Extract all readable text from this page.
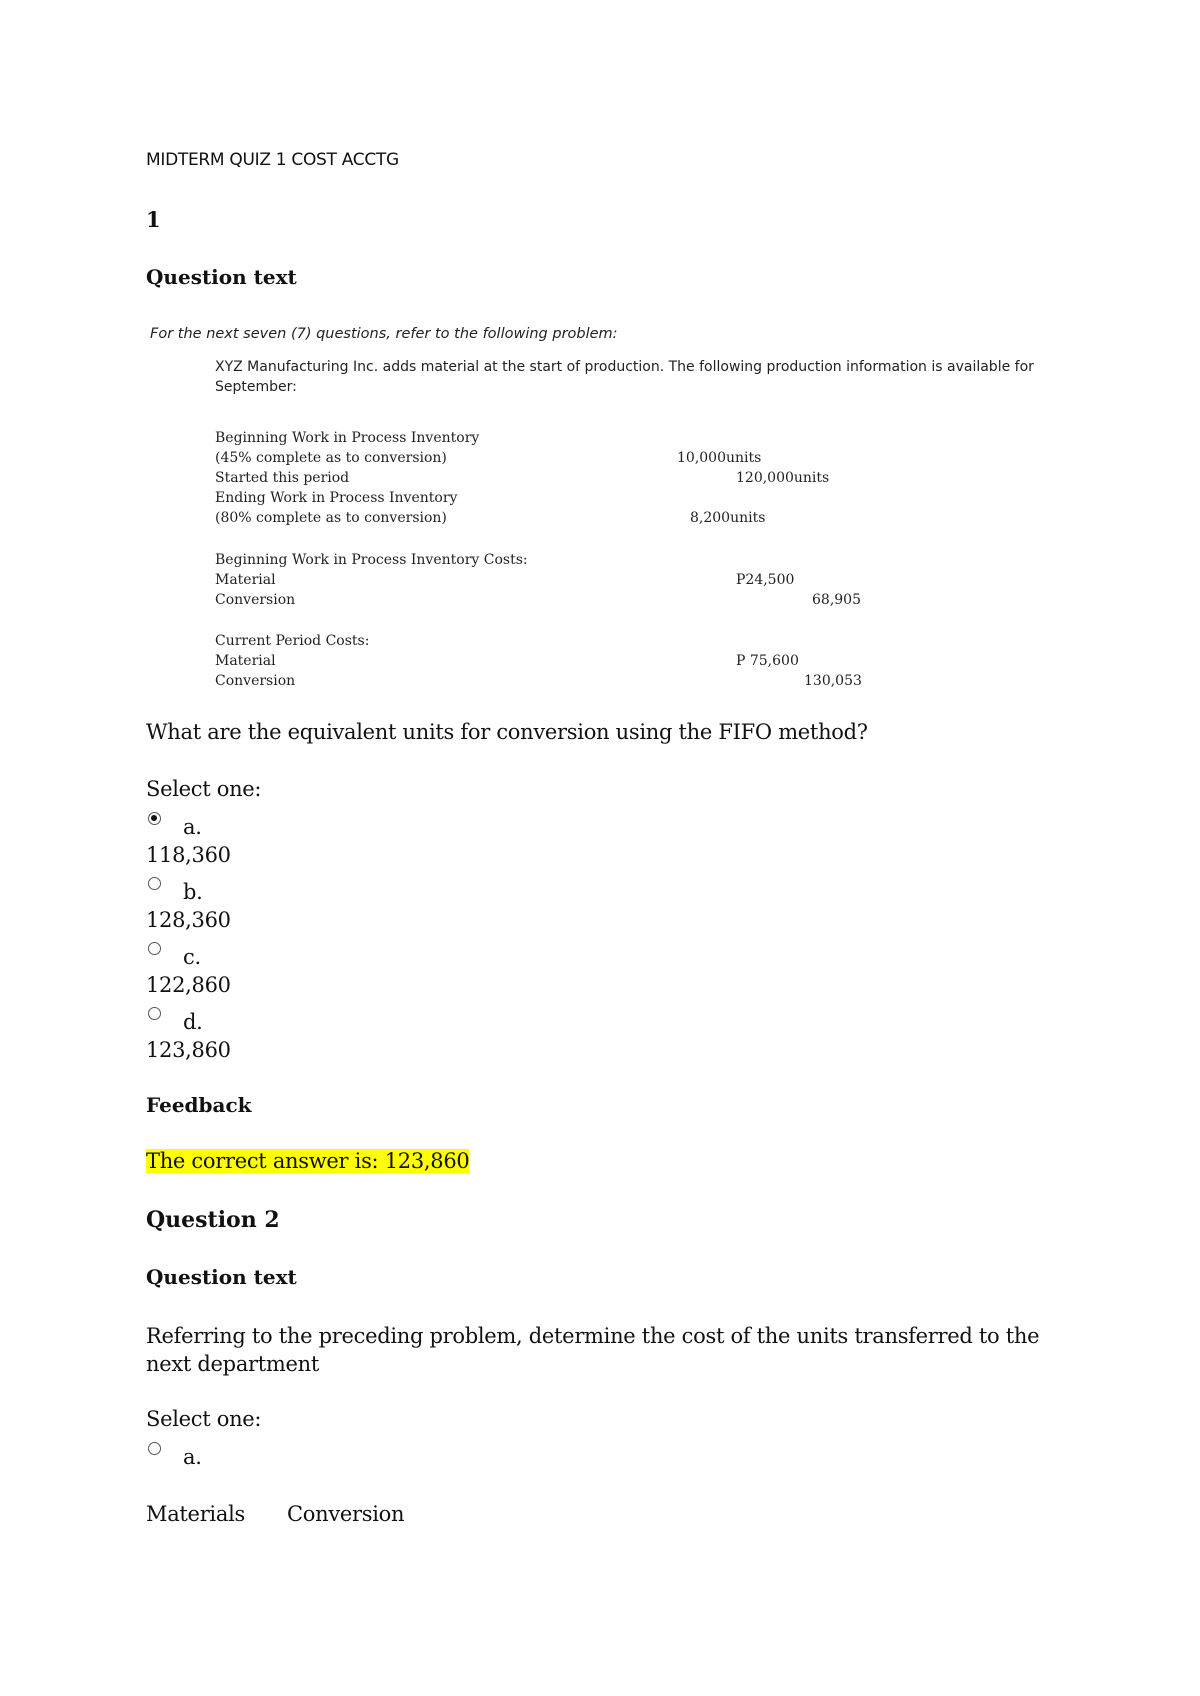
MIDTERM QUIZ 1 COST ACCTG
1
Question text
For the next seven (7) questions, refer to the following problem:
XYZ Manufacturing Inc. adds material at the start of production. The following production information is available for September:
Beginning Work in Process Inventory
(45% complete as to conversion)	10,000units
Started this period	120,000units
Ending Work in Process Inventory
(80% complete as to conversion)	8,200units
Beginning Work in Process Inventory Costs:
Material	P24,500
Conversion	68,905
Current Period Costs:
Material	P 75,600
Conversion	130,053
What are the equivalent units for conversion using the FIFO method?
Select one:
a.
118,360
b.
128,360
c.
122,860
d.
123,860
Feedback
The correct answer is: 123,860
Question 2
Question text
Referring to the preceding problem, determine the cost of the units transferred to the next department
Select one:
a.
Materials Conversion
